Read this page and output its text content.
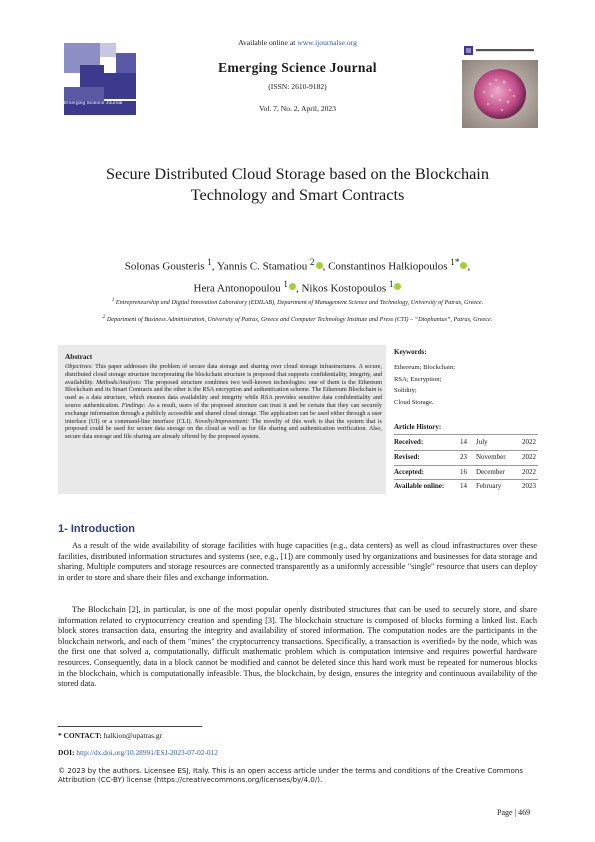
Emerging Science Journal
Available online at www.ijournalse.org
Emerging Science Journal
(ISSN: 2610-9182)
Vol. 7, No. 2, April, 2023
Secure Distributed Cloud Storage based on the Blockchain
Technology and Smart Contracts
Solonas Gousteris $^1$, Yannis C. Stamatiou $^2$ , Constantinos Halkiopoulos $^{1*}$ ,
Hera Antonopoulou $^1$ , Nikos Kostopoulos $^1$
$^1$ Entrepreneurship and Digital Innovation Laboratory (EDILAB), Department of Management Science and Technology, University of Patras, Greece.
$^2$ Department of Business Administration, University of Patras, Greece and Computer Technology Institute and Press (CTI) – “Diophantus”, Patras, Greece.
Abstract
Objectives: This paper addresses the problem of secure data storage and sharing over cloud storage infrastructures. A secure, distributed cloud storage structure incorporating the blockchain structure is proposed that supports confidentiality, integrity, and availability. Methods/Analysis: The proposed structure combines two well-known technologies: one of them is the Ethereum Blockchain and its Smart Contracts and the other is the RSA encryption and authentication scheme. The Ethereum Blockchain is used as a data structure, which ensures data availability and integrity while RSA provides sensitive data confidentiality and source authentication. Findings: As a result, users of the proposed structure can trust it and be certain that they can securely exchange information through a publicly accessible and shared cloud storage. The application can be used either through a user interface (UI) or a command-line interface (CLI). Novelty/Improvement: The novelty of this work is that the system that is proposed could be used for secure data storage on the cloud as well as for file sharing and authentication verification. Also, secure data storage and file sharing are already offered by the proposed system.
Keywords:
Ethereum; Blockchain;
RSA; Encryption;
Solidity;
Cloud Storage.
Article History:
Received:	14 July	2022
Revised:	23 November 2022
Accepted:	16 December 2022
Available online: 14 February	2023
1- Introduction
As a result of the wide availability of storage facilities with huge capacities (e.g., data centers) as well as cloud infrastructures over these facilities, distributed information structures and systems (see, e.g., [1]) are commonly used by organizations and businesses for data storage and sharing. Multiple computers and storage resources are connected transparently as a uniformly accessible "single" resource that users can deploy in order to store and share their files and exchange information.
The Blockchain [2], in particular, is one of the most popular openly distributed structures that can be used to securely store, and share information related to cryptocurrency creation and spending [3]. The blockchain structure is composed of blocks forming a linked list. Each block stores transaction data, ensuring the integrity and availability of stored information. The computation nodes are the participants in the blockchain network, and each of them "mines" the cryptocurrency transactions. Specifically, a transaction is «verified» by the node, which was the first one that solved a, computationally, difficult mathematic problem which is computation intensive and requires powerful hardware resources. Consequently, data in a block cannot be modified and cannot be deleted since this hard work must be repeated for numerous blocks in the blockchain, which is computationally infeasible. Thus, the blockchain, by design, ensures the integrity and continuous availability of the stored data.
* CONTACT: halkion@upatras.gr
DOI: http://dx.doi.org/10.28991/ESJ-2023-07-02-012
© 2023 by the authors. Licensee ESJ, Italy. This is an open access article under the terms and conditions of the Creative Commons Attribution (CC-BY) license (https://creativecommons.org/licenses/by/4.0/).
Page | 469
